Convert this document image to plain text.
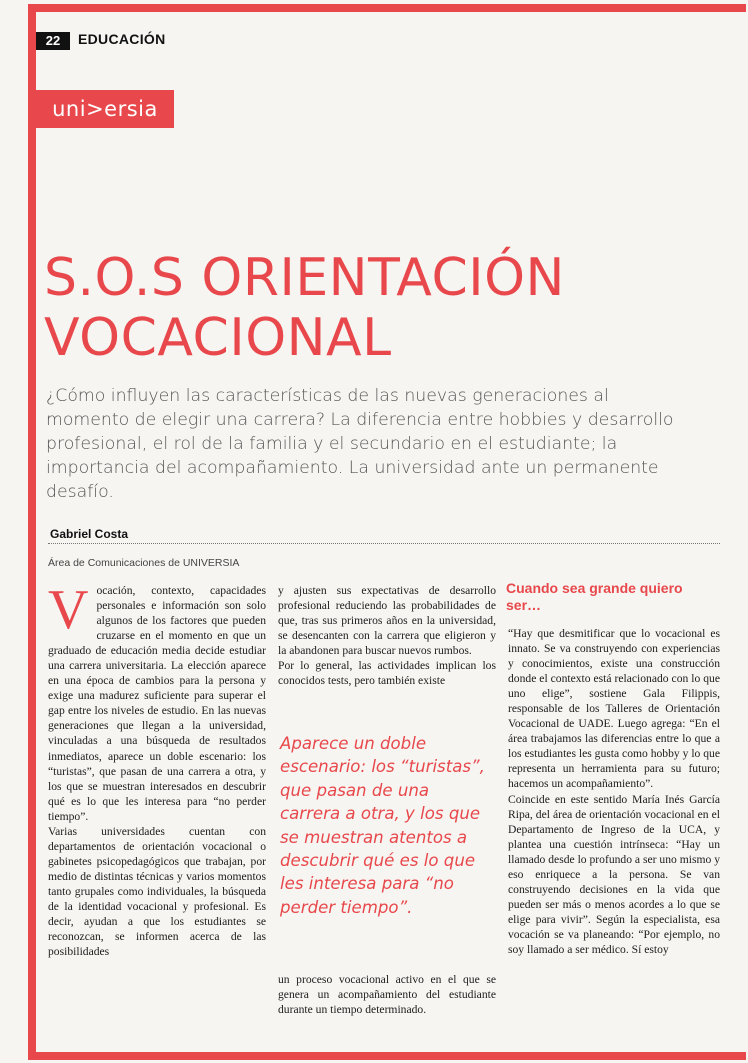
22	EDUCACIÓN
uni>ersia
S.O.S ORIENTACIÓN VOCACIONAL

¿Cómo influyen las características de las nuevas generaciones al momento de elegir una carrera? La diferencia entre hobbies y desarrollo profesional, el rol de la familia y el secundario en el estudiante; la importancia del acompañamiento. La universidad ante un permanente desafío.

Gabriel Costa
Área de Comunicaciones de UNIVERSIA
V ocación, contexto, capacidades personales e información son solo algunos de los factores que pueden cruzarse en el momento en que un graduado de educación media decide estudiar una carrera universitaria. La elección aparece en una época de cambios para la persona y exige una madurez suficiente para superar el gap entre los niveles de estudio. En las nuevas generaciones que llegan a la universidad, vinculadas a una búsqueda de resultados inmediatos, aparece un doble escenario: los “turistas”, que pasan de una carrera a otra, y los que se muestran interesados en descubrir qué es lo que les interesa para “no perder tiempo”.

Varias universidades cuentan con departamentos de orientación vocacional o gabinetes psicopedagógicos que trabajan, por medio de distintas técnicas y varios momentos tanto grupales como individuales, la búsqueda de la identidad vocacional y profesional. Es decir, ayudan a que los estudiantes se reconozcan, se informen acerca de las posibilidades

y ajusten sus expectativas de desarrollo profesional reduciendo las probabilidades de que, tras sus primeros años en la universidad, se desencanten con la carrera que eligieron y la abandonen para buscar nuevos rumbos.

Por lo general, las actividades implican los conocidos tests, pero también existe

Aparece un doble escenario: los “turistas”, que pasan de una carrera a otra, y los que se muestran atentos a descubrir qué es lo que les interesa para “no perder tiempo”.

un proceso vocacional activo en el que se genera un acompañamiento del estudiante durante un tiempo determinado.

Cuando sea grande quiero ser…

“Hay que desmitificar que lo vocacional es innato. Se va construyendo con experiencias y conocimientos, existe una construcción donde el contexto está relacionado con lo que uno elige”, sostiene Gala Filippis, responsable de los Talleres de Orientación Vocacional de UADE. Luego agrega: “En el área trabajamos las diferencias entre lo que a los estudiantes les gusta como hobby y lo que representa un herramienta para su futuro; hacemos un acompañamiento”.

Coincide en este sentido María Inés García Ripa, del área de orientación vocacional en el Departamento de Ingreso de la UCA, y plantea una cuestión intrínseca: “Hay un llamado desde lo profundo a ser uno mismo y eso enriquece a la persona. Se van construyendo decisiones en la vida que pueden ser más o menos acordes a lo que se elige para vivir”. Según la especialista, esa vocación se va planeando: “Por ejemplo, no soy llamado a ser médico. Sí estoy
